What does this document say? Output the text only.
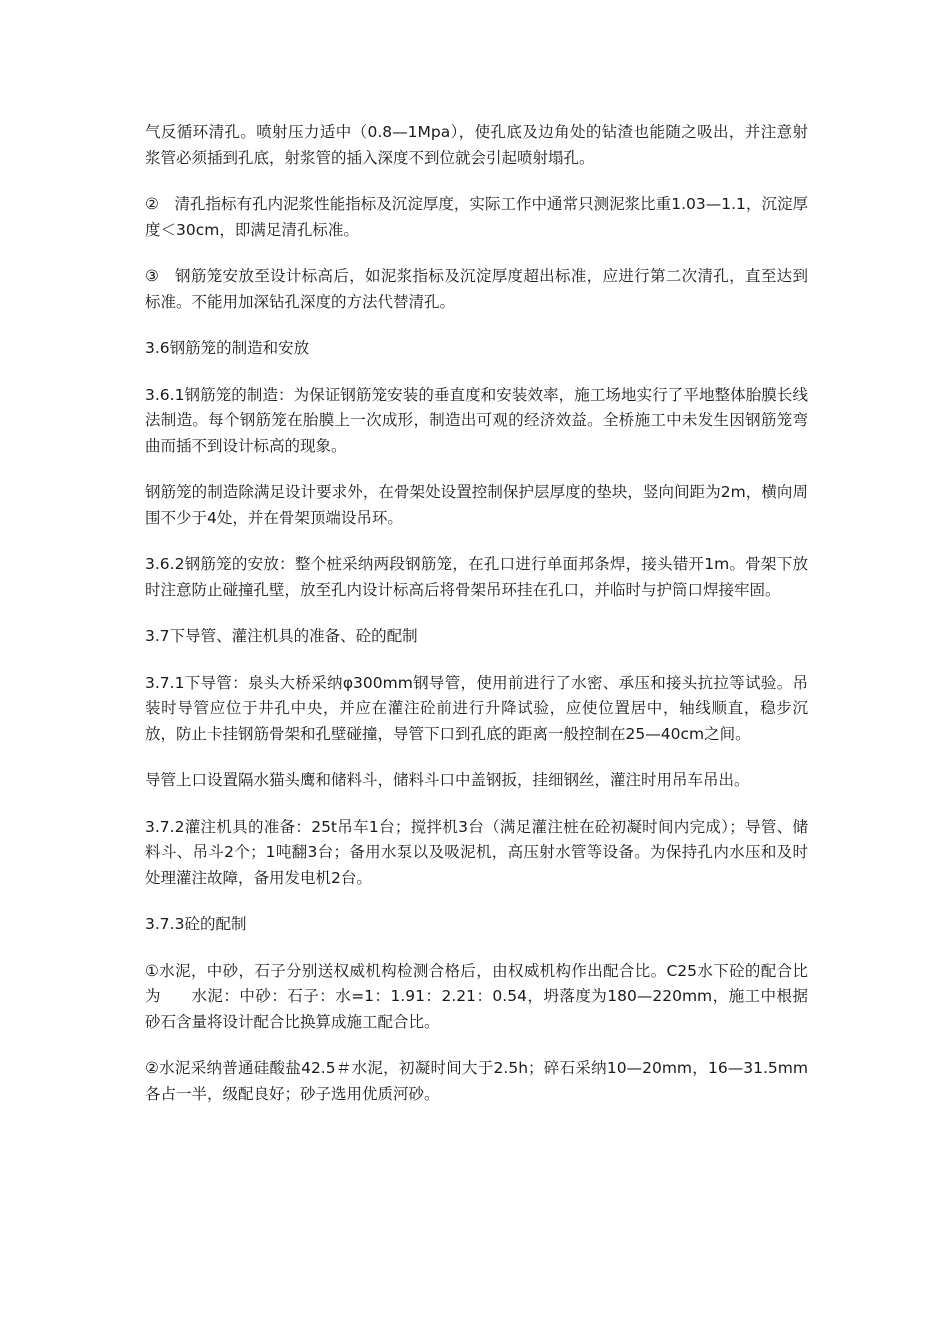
气反循环清孔。喷射压力适中（0.8—1Mpa），使孔底及边角处的钻渣也能随之吸出，并注意射浆管必须插到孔底，射浆管的插入深度不到位就会引起喷射塌孔。

②　清孔指标有孔内泥浆性能指标及沉淀厚度，实际工作中通常只测泥浆比重1.03—1.1，沉淀厚度＜30cm，即满足清孔标准。

③　钢筋笼安放至设计标高后，如泥浆指标及沉淀厚度超出标准，应进行第二次清孔，直至达到标准。不能用加深钻孔深度的方法代替清孔。

3.6钢筋笼的制造和安放

3.6.1钢筋笼的制造：为保证钢筋笼安装的垂直度和安装效率，施工场地实行了平地整体胎膜长线法制造。每个钢筋笼在胎膜上一次成形，制造出可观的经济效益。全桥施工中未发生因钢筋笼弯曲而插不到设计标高的现象。

钢筋笼的制造除满足设计要求外，在骨架处设置控制保护层厚度的垫块，竖向间距为2m，横向周围不少于4处，并在骨架顶端设吊环。

3.6.2钢筋笼的安放：整个桩采纳两段钢筋笼，在孔口进行单面邦条焊，接头错开1m。骨架下放时注意防止碰撞孔壁，放至孔内设计标高后将骨架吊环挂在孔口，并临时与护筒口焊接牢固。

3.7下导管、灌注机具的准备、砼的配制

3.7.1下导管：泉头大桥采纳φ300mm钢导管，使用前进行了水密、承压和接头抗拉等试验。吊装时导管应位于井孔中央，并应在灌注砼前进行升降试验，应使位置居中，轴线顺直，稳步沉放，防止卡挂钢筋骨架和孔壁碰撞，导管下口到孔底的距离一般控制在25—40cm之间。

导管上口设置隔水猫头鹰和储料斗，储料斗口中盖钢扳，挂细钢丝，灌注时用吊车吊出。

3.7.2灌注机具的准备：25t吊车1台；搅拌机3台（满足灌注桩在砼初凝时间内完成）；导管、储料斗、吊斗2个；1吨翻3台；备用水泵以及吸泥机，高压射水管等设备。为保持孔内水压和及时处理灌注故障，备用发电机2台。

3.7.3砼的配制

①水泥，中砂，石子分别送权威机构检测合格后，由权威机构作出配合比。C25水下砼的配合比为 水泥：中砂：石子：水=1：1.91：2.21：0.54，坍落度为180—220mm，施工中根据砂石含量将设计配合比换算成施工配合比。

②水泥采纳普通硅酸盐42.5＃水泥，初凝时间大于2.5h；碎石采纳10—20mm，16—31.5mm各占一半，级配良好；砂子选用优质河砂。
